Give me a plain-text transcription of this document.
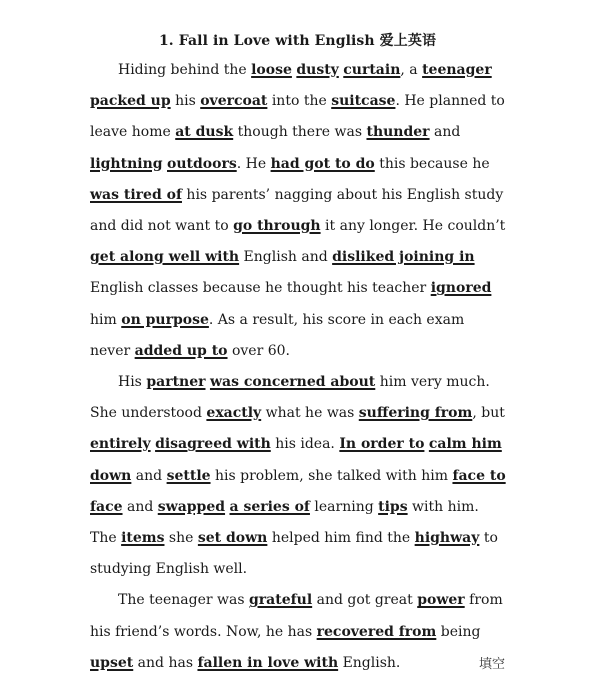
1. Fall in Love with English 爱上英语

Hiding behind the loose dusty curtain, a teenager packed up his overcoat into the suitcase. He planned to leave home at dusk though there was thunder and lightning outdoors. He had got to do this because he was tired of his parents’ nagging about his English study and did not want to go through it any longer. He couldn’t get along well with English and disliked joining in English classes because he thought his teacher ignored him on purpose. As a result, his score in each exam never added up to over 60.

His partner was concerned about him very much. She understood exactly what he was suffering from, but entirely disagreed with his idea. In order to calm him down and settle his problem, she talked with him face to face and swapped a series of learning tips with him. The items she set down helped him find the highway to studying English well.

The teenager was grateful and got great power from his friend’s words. Now, he has recovered from being upset and has fallen in love with English.	填空
